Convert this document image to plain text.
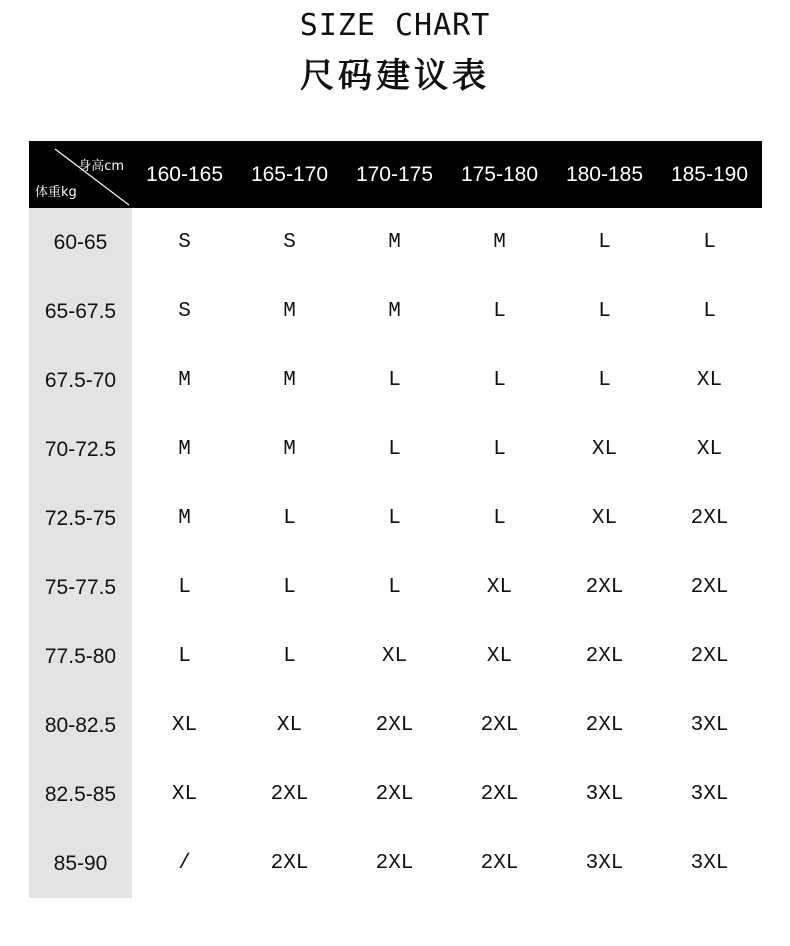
SIZE CHART
尺码建议表
身高cm
体重kg	160-165	165-170	170-175	175-180	180-185	185-190
60-65	S	S	M	M	L	L
65-67.5	S	M	M	L	L	L
67.5-70	M	M	L	L	L	XL
70-72.5	M	M	L	L	XL	XL
72.5-75	M	L	L	L	XL	2XL
75-77.5	L	L	L	XL	2XL	2XL
77.5-80	L	L	XL	XL	2XL	2XL
80-82.5	XL	XL	2XL	2XL	2XL	3XL
82.5-85	XL	2XL	2XL	2XL	3XL	3XL
85-90	/	2XL	2XL	2XL	3XL	3XL
